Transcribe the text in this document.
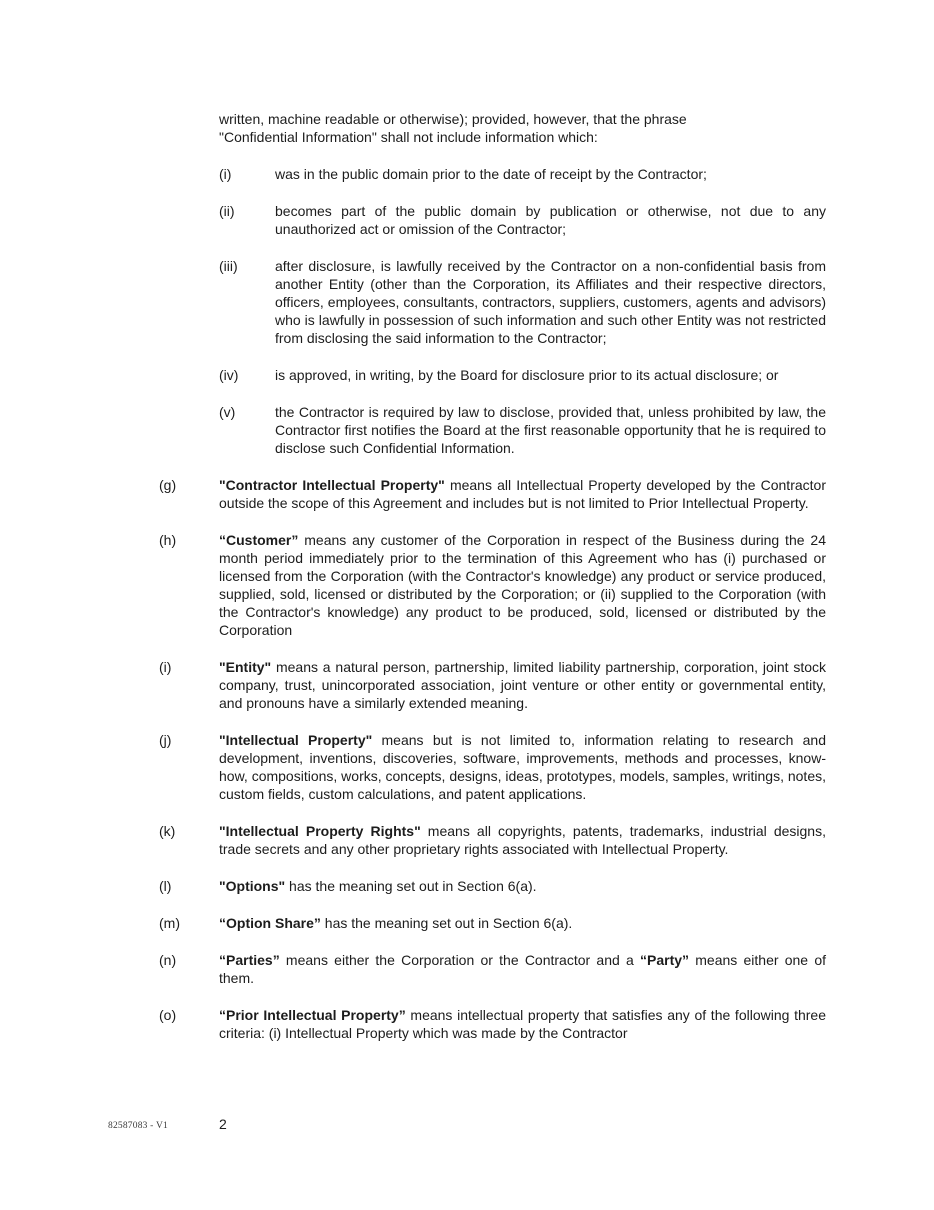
written, machine readable or otherwise); provided, however, that the phrase "Confidential Information" shall not include information which:

(i)	was in the public domain prior to the date of receipt by the Contractor;
(ii)	becomes part of the public domain by publication or otherwise, not due to any unauthorized act or omission of the Contractor;
(iii)	after disclosure, is lawfully received by the Contractor on a non-confidential basis from another Entity (other than the Corporation, its Affiliates and their respective directors, officers, employees, consultants, contractors, suppliers, customers, agents and advisors) who is lawfully in possession of such information and such other Entity was not restricted from disclosing the said information to the Contractor;
(iv)	is approved, in writing, by the Board for disclosure prior to its actual disclosure; or
(v)	the Contractor is required by law to disclose, provided that, unless prohibited by law, the Contractor first notifies the Board at the first reasonable opportunity that he is required to disclose such Confidential Information.
(g)	"Contractor Intellectual Property" means all Intellectual Property developed by the Contractor outside the scope of this Agreement and includes but is not limited to Prior Intellectual Property.
(h)	“Customer” means any customer of the Corporation in respect of the Business during the 24 month period immediately prior to the termination of this Agreement who has (i) purchased or licensed from the Corporation (with the Contractor's knowledge) any product or service produced, supplied, sold, licensed or distributed by the Corporation; or (ii) supplied to the Corporation (with the Contractor's knowledge) any product to be produced, sold, licensed or distributed by the Corporation
(i)	"Entity" means a natural person, partnership, limited liability partnership, corporation, joint stock company, trust, unincorporated association, joint venture or other entity or governmental entity, and pronouns have a similarly extended meaning.
(j)	"Intellectual Property" means but is not limited to, information relating to research and development, inventions, discoveries, software, improvements, methods and processes, know-how, compositions, works, concepts, designs, ideas, prototypes, models, samples, writings, notes, custom fields, custom calculations, and patent applications.
(k)	"Intellectual Property Rights" means all copyrights, patents, trademarks, industrial designs, trade secrets and any other proprietary rights associated with Intellectual Property.
(l)	"Options" has the meaning set out in Section 6(a).
(m)	“Option Share” has the meaning set out in Section 6(a).
(n)	“Parties” means either the Corporation or the Contractor and a “Party” means either one of them.
(o)	“Prior Intellectual Property” means intellectual property that satisfies any of the following three criteria: (i) Intellectual Property which was made by the Contractor
82587083 - V1	2
